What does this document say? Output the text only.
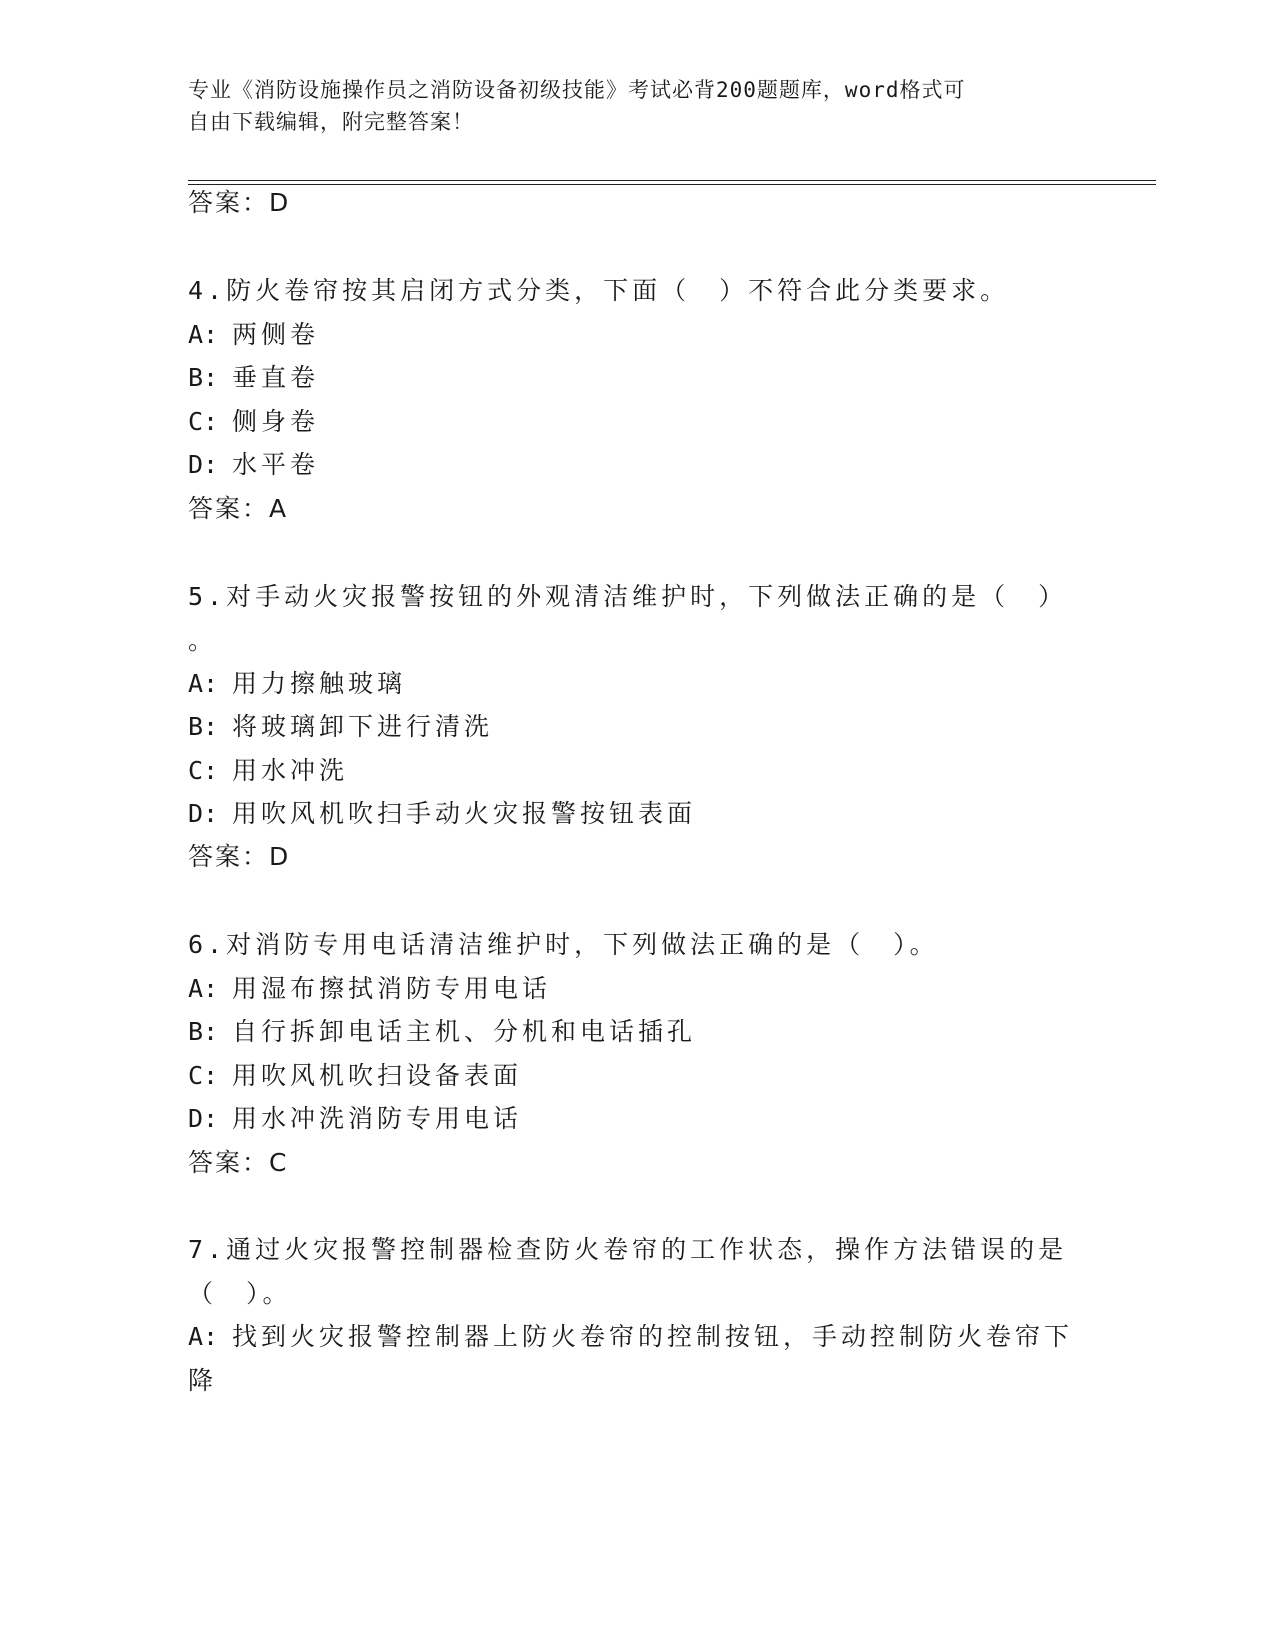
专业《消防设施操作员之消防设备初级技能》考试必背200题题库，word格式可
自由下载编辑，附完整答案！
答案：D
4.防火卷帘按其启闭方式分类，下面（　）不符合此分类要求。
A: 两侧卷
B: 垂直卷
C: 侧身卷
D: 水平卷
答案：A
5.对手动火灾报警按钮的外观清洁维护时，下列做法正确的是（　）
。
A: 用力擦触玻璃
B: 将玻璃卸下进行清洗
C: 用水冲洗
D: 用吹风机吹扫手动火灾报警按钮表面
答案：D
6.对消防专用电话清洁维护时，下列做法正确的是（　）。
A: 用湿布擦拭消防专用电话
B: 自行拆卸电话主机、分机和电话插孔
C: 用吹风机吹扫设备表面
D: 用水冲洗消防专用电话
答案：C
7.通过火灾报警控制器检查防火卷帘的工作状态，操作方法错误的是
（　）。
A: 找到火灾报警控制器上防火卷帘的控制按钮，手动控制防火卷帘下
降
